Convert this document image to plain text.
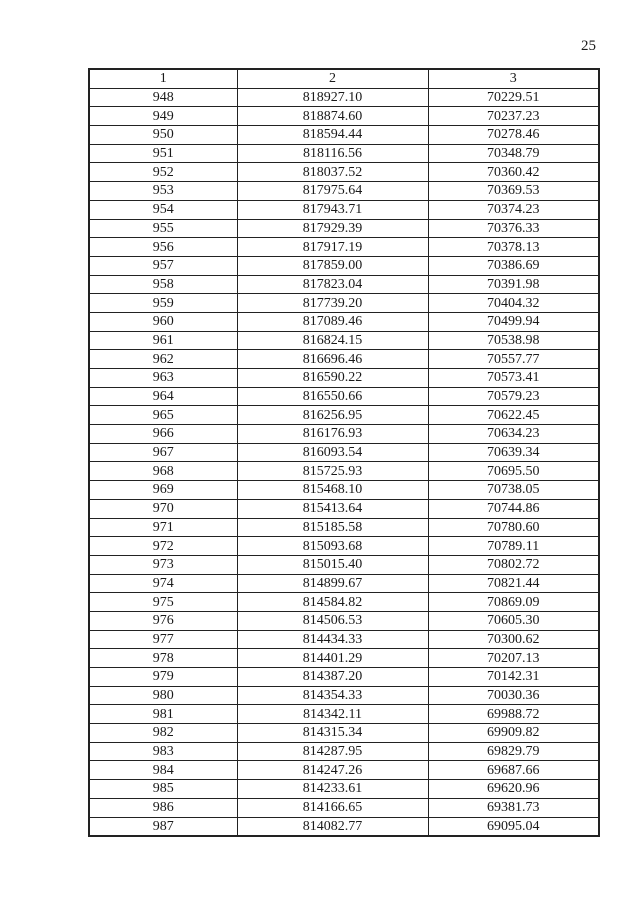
25
1	2	3
948	818927.10	70229.51
949	818874.60	70237.23
950	818594.44	70278.46
951	818116.56	70348.79
952	818037.52	70360.42
953	817975.64	70369.53
954	817943.71	70374.23
955	817929.39	70376.33
956	817917.19	70378.13
957	817859.00	70386.69
958	817823.04	70391.98
959	817739.20	70404.32
960	817089.46	70499.94
961	816824.15	70538.98
962	816696.46	70557.77
963	816590.22	70573.41
964	816550.66	70579.23
965	816256.95	70622.45
966	816176.93	70634.23
967	816093.54	70639.34
968	815725.93	70695.50
969	815468.10	70738.05
970	815413.64	70744.86
971	815185.58	70780.60
972	815093.68	70789.11
973	815015.40	70802.72
974	814899.67	70821.44
975	814584.82	70869.09
976	814506.53	70605.30
977	814434.33	70300.62
978	814401.29	70207.13
979	814387.20	70142.31
980	814354.33	70030.36
981	814342.11	69988.72
982	814315.34	69909.82
983	814287.95	69829.79
984	814247.26	69687.66
985	814233.61	69620.96
986	814166.65	69381.73
987	814082.77	69095.04
